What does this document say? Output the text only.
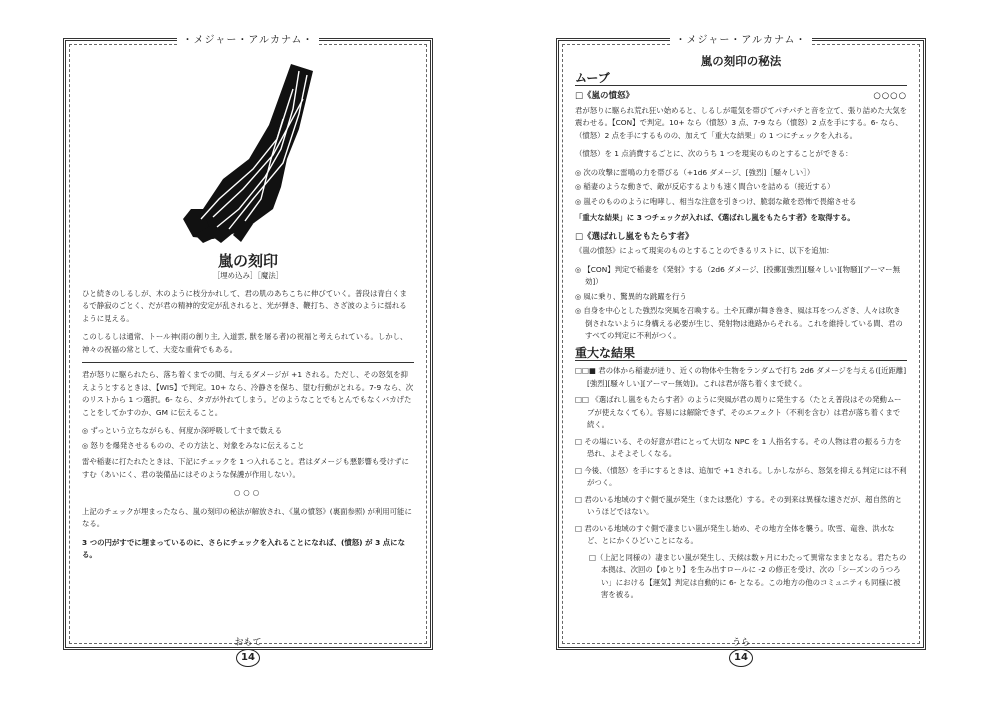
・メジャー・アルカナム・
嵐の刻印
［埋め込み］［魔法］

ひと続きのしるしが、木のように枝分かれして、君の肌のあちこちに伸びていく。普段は青白くまるで静寂のごとく、だが君の精神的安定が乱されると、光が弾き、鞭打ち、さざ波のように揺れるように見える。

このしるしは通常、トール神(雨の創り主, 入道雲, 獣を屠る者)の祝福と考えられている。しかし、神々の祝福の常として、大変な重荷でもある。

君が怒りに駆られたら、落ち着くまでの間、与えるダメージが +1 される。ただし、その怒気を抑えようとするときは、【WIS】で判定。10+ なら、冷静さを保ち、望む行動がとれる。7-9 なら、次のリストから 1 つ選択。6- なら、タガが外れてしまう。どのようなことでもとんでもなくバカげたことをしてかすのか、GM に伝えること。

◎ ずっという立ちながらも、何度か深呼吸して十まで数える
◎ 怒りを爆発させるものの、その方法と、対象をみなに伝えること

雷や稲妻に打たれたときは、下記にチェックを 1 つ入れること。君はダメージも悪影響も受けずにすむ（あいにく、君の装備品にはそのような保護が作用しない）。

○○○

上記のチェックが埋まったなら、嵐の刻印の秘法が解放され、《嵐の憤怒》(裏面参照) が利用可能になる。

3 つの円がすでに埋まっているのに、さらにチェックを入れることになれば、(憤怒) が 3 点になる。

おもて
14
・メジャー・アルカナム・
嵐の刻印の秘法
ムーブ
□《嵐の憤怒》	○○○○

君が怒りに駆られ荒れ狂い始めると、しるしが電気を帯びてパチパチと音を立て、張り詰めた大気を震わせる。【CON】で判定。10+ なら（憤怒）3 点、7-9 なら（憤怒）2 点を手にする。6- なら、（憤怒）2 点を手にするものの、加えて「重大な結果」の 1 つにチェックを入れる。

（憤怒）を 1 点消費するごとに、次のうち 1 つを現実のものとすることができる：

◎ 次の攻撃に雷鳴の力を帯びる（+1d6 ダメージ、[強烈]［騒々しい］）
◎ 稲妻のような動きで、敵が反応するよりも速く間合いを詰める（接近する）
◎ 嵐そのもののように咆哮し、相当な注意を引きつけ、脆弱な敵を恐怖で畏縮させる

「重大な結果」に 3 つチェックが入れば、《選ばれし嵐をもたらす者》を取得する。

□《選ばれし嵐をもたらす者》

《嵐の憤怒》によって現実のものとすることのできるリストに、以下を追加：

◎ 【CON】判定で稲妻を《発射》する（2d6 ダメージ、[投擲][強烈][騒々しい][物騒][アーマー無効]）
◎ 風に乗り、驚異的な跳躍を行う
◎ 自身を中心とした強烈な突風を召喚する。土や瓦礫が舞き巻き、風は耳をつんざき、人々は吹き倒されないように身構える必要が生じ、発射物は進路からそれる。これを維持している間、君のすべての判定に不利がつく。
重大な結果

□□■ 君の体から稲妻が迸り、近くの物体や生物をランダムで打ち 2d6 ダメージを与える([近距離][強烈][騒々しい][アーマー無効])。これは君が落ち着くまで続く。

□□ 《選ばれし嵐をもたらす者》のように突風が君の周りに発生する（たとえ普段はその発動ムーブが使えなくても）。容易には解除できず、そのエフェクト（不利を含む）は君が落ち着くまで続く。

□ その場にいる、その好意が君にとって大切な NPC を 1 人指名する。その人物は君の振るう力を恐れ、よそよそしくなる。

□ 今後、（憤怒）を手にするときは、追加で +1 される。しかしながら、怒気を抑える判定には不利がつく。

□ 君のいる地域のすぐ側で嵐が発生（または悪化）する。その到来は異様な速さだが、超自然的というほどではない。

□ 君のいる地域のすぐ側で凄まじい嵐が発生し始め、その地方全体を襲う。吹雪、竜巻、洪水など、とにかくひどいことになる。

□（上記と同様の）凄まじい嵐が発生し、天候は数ヶ月にわたって異常なままとなる。君たちの本拠は、次回の【ゆとり】を生み出すロールに -2 の修正を受け、次の「シーズンのうつろい」における【運気】判定は自動的に 6- となる。この地方の他のコミュニティも同様に被害を被る。

うら
14
